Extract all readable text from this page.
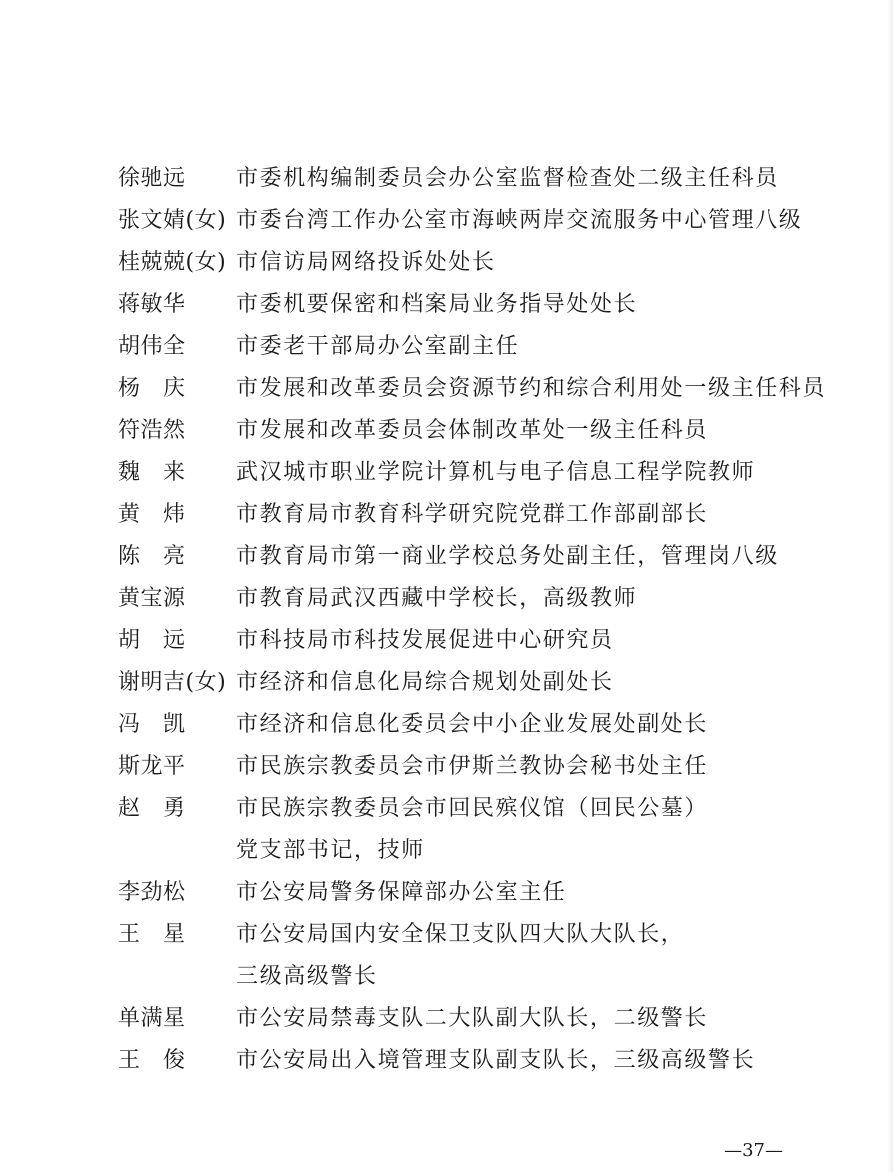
徐驰远	市委机构编制委员会办公室监督检查处二级主任科员
张文婧(女) 市委台湾工作办公室市海峡两岸交流服务中心管理八级
桂兢兢(女) 市信访局网络投诉处处长
蒋敏华	市委机要保密和档案局业务指导处处长
胡伟全	市委老干部局办公室副主任
杨　庆	市发展和改革委员会资源节约和综合利用处一级主任科员
符浩然	市发展和改革委员会体制改革处一级主任科员
魏　来	武汉城市职业学院计算机与电子信息工程学院教师
黄　炜	市教育局市教育科学研究院党群工作部副部长
陈　亮	市教育局市第一商业学校总务处副主任，管理岗八级
黄宝源	市教育局武汉西藏中学校长，高级教师
胡　远	市科技局市科技发展促进中心研究员
谢明吉(女) 市经济和信息化局综合规划处副处长
冯　凯	市经济和信息化委员会中小企业发展处副处长
斯龙平	市民族宗教委员会市伊斯兰教协会秘书处主任
赵　勇	市民族宗教委员会市回民殡仪馆（回民公墓）
党支部书记，技师
李劲松	市公安局警务保障部办公室主任
王　星	市公安局国内安全保卫支队四大队大队长，
三级高级警长
单满星	市公安局禁毒支队二大队副大队长，二级警长
王　俊	市公安局出入境管理支队副支队长，三级高级警长
—37—
